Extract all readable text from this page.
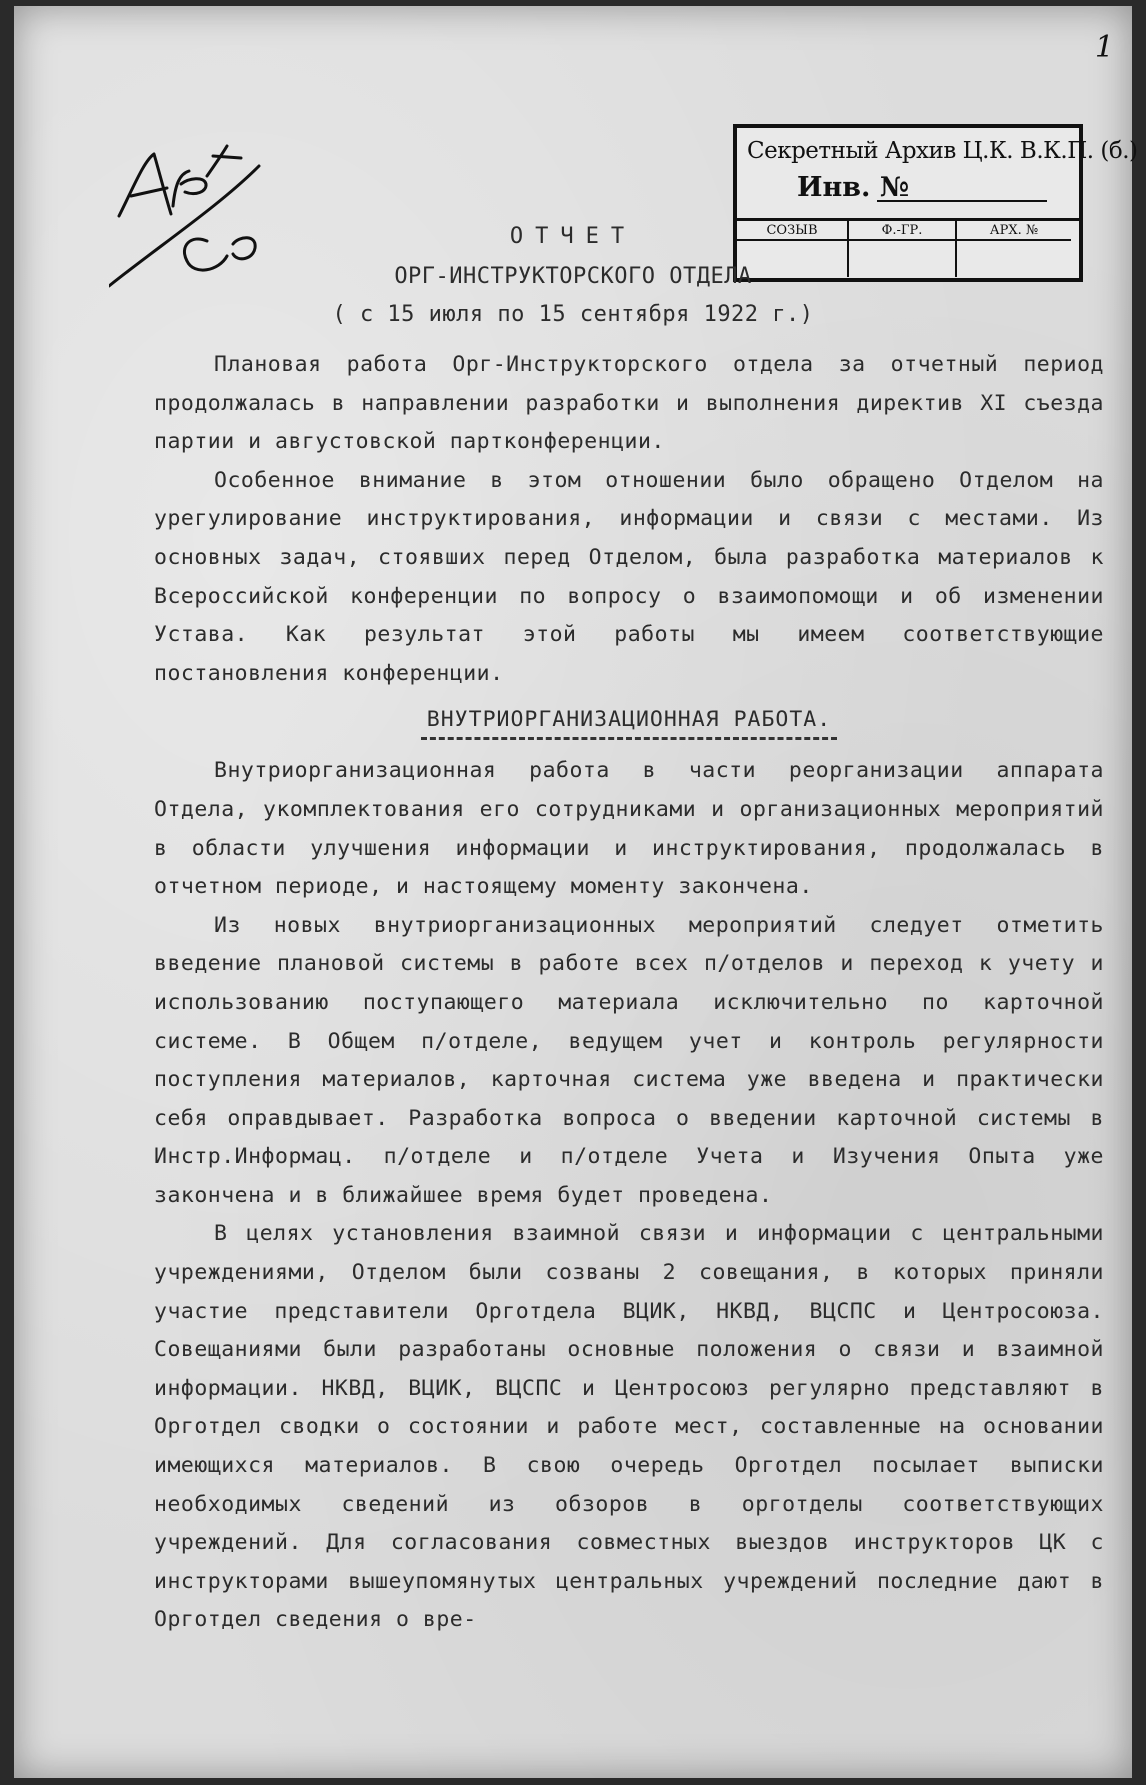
1
Секретный Архив Ц.К. В.К.П. (б.)
Инв. №
СОЗЫВ	Ф.-ГР.	АРХ. №
ОТЧЕТ
ОРГ-ИНСТРУКТОРСКОГО ОТДЕЛА
( с 15 июля по 15 сентября 1922 г.)

Плановая работа Орг-Инструкторского отдела за отчетный период продолжалась в направлении разработки и выполнения директив XI съезда партии и августовской партконференции.

Особенное внимание в этом отношении было обращено Отделом на урегулирование инструктирования, информации и связи с местами. Из основных задач, стоявших перед Отделом, была разработка материалов к Всероссийской конференции по вопросу о взаимопомощи и об изменении Устава. Как результат этой работы мы имеем соответствующие постановления конференции.

ВНУТРИОРГАНИЗАЦИОННАЯ РАБОТА.

Внутриорганизационная работа в части реорганизации аппарата Отдела, укомплектования его сотрудниками и организационных мероприятий в области улучшения информации и инструктирования, продолжалась в отчетном периоде, и настоящему моменту закончена.

Из новых внутриорганизационных мероприятий следует отметить введение плановой системы в работе всех п/отделов и переход к учету и использованию поступающего материала исключительно по карточной системе. В Общем п/отделе, ведущем учет и контроль регулярности поступления материалов, карточная система уже введена и практически себя оправдывает. Разработка вопроса о введении карточной системы в Инстр.Информац. п/отделе и п/отделе Учета и Изучения Опыта уже закончена и в ближайшее время будет проведена.

В целях установления взаимной связи и информации с центральными учреждениями, Отделом были созваны 2 совещания, в которых приняли участие представители Орготдела ВЦИК, НКВД, ВЦСПС и Центросоюза. Совещаниями были разработаны основные положения о связи и взаимной информации. НКВД, ВЦИК, ВЦСПС и Центросоюз регулярно представляют в Орготдел сводки о состоянии и работе мест, составленные на основании имеющихся материалов. В свою очередь Орготдел посылает выписки необходимых сведений из обзоров в орготделы соответствующих учреждений. Для согласования совместных выездов инструкторов ЦК с инструкторами вышеупомянутых центральных учреждений последние дают в Орготдел сведения о вре-
